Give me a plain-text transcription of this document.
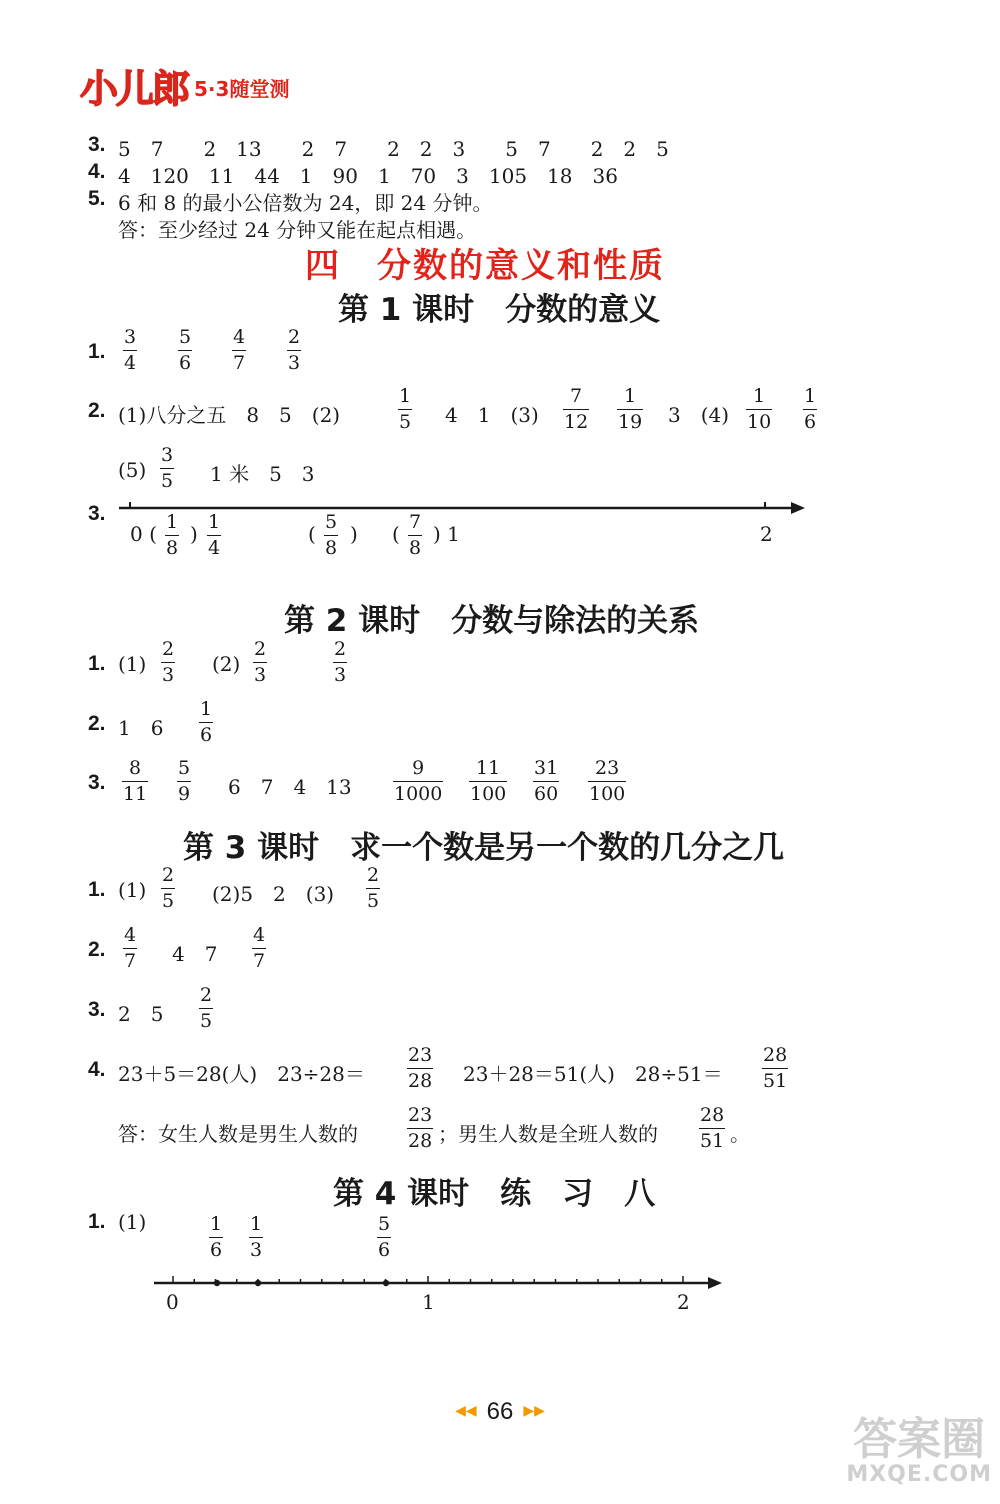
小儿郎 5·3随堂测
3. 5　7　　2　13　　2　7　　2　2　3　　5　7　　2　2　5
4. 4　120　11　44　1　90　1　70　3　105　18　36
5. 6 和 8 的最小公倍数为 24，即 24 分钟。
答：至少经过 24 分钟又能在起点相遇。
四　分数的意义和性质
第 1 课时　分数的意义
1. $\frac{3}{4} \frac{5}{6} \frac{4}{7} \frac{2}{3}$
2. (1)八分之五　8　5　(2)	$\frac{1}{5} 4$　1　$(3) \frac{7}{12} \frac{1}{19} 3$　$(4) \frac{1}{10} \frac{1}{6}$
$(5) \frac{3}{5} 1$ 米　5　3
3.
0 ( $\frac{1}{8}$ ) $\frac{1}{4}$	( $\frac{5}{8}$ ) ( $\frac{7}{8}$ ) 1	2
第 2 课时　分数与除法的关系
1. $(1) \frac{2}{3} (2) \frac{2}{3}$	$\frac{2}{3}$
2. 1　$6 \frac{1}{6}$
3. $\frac{8}{11} \frac{5}{9} 6$　7　4　$13 \frac{9}{1000} \frac{11}{100} \frac{31}{60} \frac{23}{100}$
第 3 课时　求一个数是另一个数的几分之几
1. $(1) \frac{2}{5} (2)5$　2　$(3) \frac{2}{5}$
2. $\frac{4}{7} 4$　$7 \frac{4}{7}$
3. 2　$5 \frac{2}{5}$
4. 23＋5＝28(人)　$23\div 28= \frac{23}{28} 23+28=51$(人)　$28\div 51= \frac{28}{51}$
答：女生人数是男生人数的	$\frac{23}{28}$ ；男生人数是全班人数的 $\frac{28}{51}$ 。
第 4 课时　练　习　八
1. (1)	$\frac{1}{6} \frac{1}{3}$	$\frac{5}{6}$
0	1	2
◀◀ 66 ▶▶
答案圈
MXQE.COM
